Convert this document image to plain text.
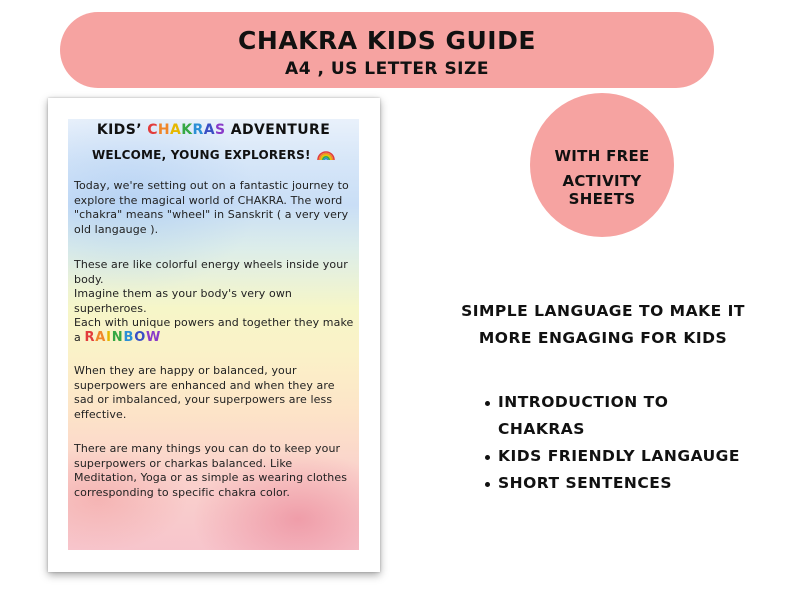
CHAKRA KIDS GUIDE
A4 , US LETTER SIZE
KIDS’ CHAKRAS ADVENTURE
WELCOME, YOUNG EXPLORERS!
Today, we're setting out on a fantastic journey to explore the magical world of CHAKRA. The word "chakra" means "wheel" in Sanskrit ( a very very old langauge ).
These are like colorful energy wheels inside your body.
Imagine them as your body's very own superheroes.
Each with unique powers and together they make a RAINBOW
When they are happy or balanced, your superpowers are enhanced and when they are sad or imbalanced, your superpowers are less effective.
There are many things you can do to keep your superpowers or charkas balanced. Like Meditation, Yoga or as simple as wearing clothes corresponding to specific chakra color.
WITH FREE
ACTIVITY SHEETS
SIMPLE LANGUAGE TO MAKE IT
MORE ENGAGING FOR KIDS
INTRODUCTION TO CHAKRAS
KIDS FRIENDLY LANGAUGE
SHORT SENTENCES
